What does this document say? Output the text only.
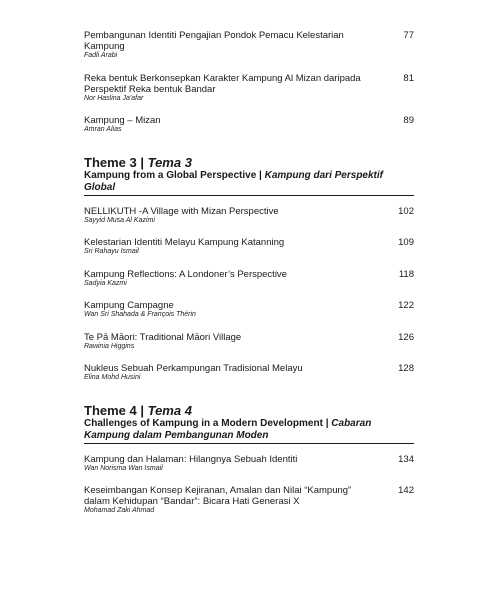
Pembangunan Identiti Pengajian Pondok Pemacu Kelestarian Kampung
Fadli Arabi
77
Reka bentuk Berkonsepkan Karakter Kampung Al Mizan daripada Perspektif Reka bentuk Bandar
Nor Haslina Ja'afar
81
Kampung – Mizan
Amran Alias
89
Theme 3 | Tema 3
Kampung from a Global Perspective | Kampung dari Perspektif Global
NELLIKUTH -A Village with Mizan Perspective
Sayyid Musa Al Kazimi
102
Kelestarian Identiti Melayu Kampung Katanning
Sri Rahayu Ismail
109
Kampung Reflections: A Londoner’s Perspective
Sadyia Kazmi
118
Kampung Campagne
Wan Sri Shahada & François Thérin
122
Te Pā Māori: Traditional Māori Village
Rawinia Higgins
126
Nukleus Sebuah Perkampungan Tradisional Melayu
Elina Mohd Husini
128
Theme 4 | Tema 4
Challenges of Kampung in a Modern Development | Cabaran Kampung dalam Pembangunan Moden
Kampung dan Halaman: Hilangnya Sebuah Identiti
Wan Norisma Wan Ismail
134
Keseimbangan Konsep Kejiranan, Amalan dan Nilai “Kampung” dalam Kehidupan “Bandar”: Bicara Hati Generasi X
Mohamad Zaki Ahmad
142
